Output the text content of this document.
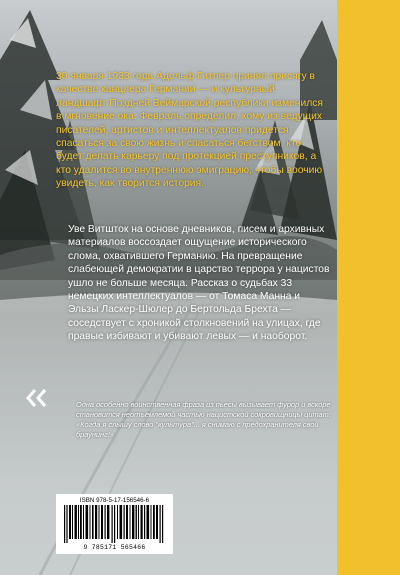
30 января 1933 года Адольф Гитлер принял присягу в качестве канцлера Германии — и культурный ландшафт Поздней Веймарской республики изменился в мгновение ока. Февраль определил, кому из ведущих писателей, артистов и интеллектуалов придется спасаться за свою жизнь и спасаться бегством, кто будет делать карьеру под протекцией преступников, а кто удалится во внутреннюю эмиграцию, чтобы воочию увидеть, как творится история.

Уве Витшток на основе дневников, писем и архивных материалов воссоздает ощущение исторического слома, охватившего Германию. На превращение слабеющей демократии в царство террора у нацистов ушло не больше месяца. Рассказ о судьбах 33 немецких интеллектуалов — от Томаса Манна и Эльзы Ласкер-Шюлер до Бертольда Брехта — соседствует с хроникой столкновений на улицах, где правые избивают и убивают левых — и наоборот.

Одна особенно воинственная фраза из пьесы вызывает фурор и вскоре становится неотъемлемой частью нацистской сокровищницы цитат: «Когда я слышу слово "культура"... я снимаю с предохранителя свой браунинг!»

ISBN 978-5-17-156546-6
9 785171 565466
